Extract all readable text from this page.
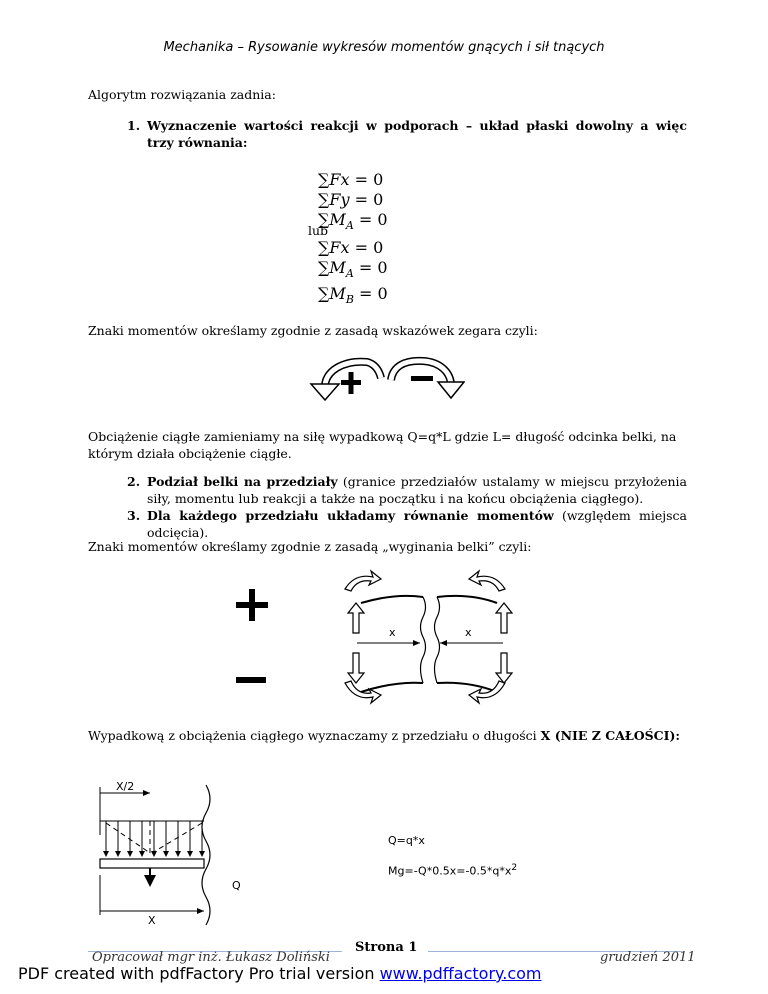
Mechanika – Rysowanie wykresów momentów gnących i sił tnących
Algorytm rozwiązania zadnia:
1. Wyznaczenie wartości reakcji w podporach – układ płaski dowolny a więc trzy równania:
∑Fx = 0
∑Fy = 0
$\sum M_A = 0$
lub
∑Fx = 0
$\sum M_A = 0$
$\sum M_B = 0$
Znaki momentów określamy zgodnie z zasadą wskazówek zegara czyli:
Obciążenie ciągłe zamieniamy na siłę wypadkową Q=q*L gdzie L= długość odcinka belki, na którym działa obciążenie ciągłe.
2. Podział belki na przedziały (granice przedziałów ustalamy w miejscu przyłożenia siły, momentu lub reakcji a także na początku i na końcu obciążenia ciągłego).
3. Dla każdego przedziału układamy równanie momentów (względem miejsca odcięcia).
Znaki momentów określamy zgodnie z zasadą „wyginania belki” czyli:
x	x
Wypadkową z obciążenia ciągłego wyznaczamy z przedziału o długości X (NIE Z CAŁOŚCI):
X/2
X
Q
Q=q*x
$Mg=-Q*0.5x=-0.5*q*x^2$
Strona 1
Opracował mgr inż. Łukasz Doliński	grudzień 2011
PDF created with pdfFactory Pro trial version www.pdffactory.com
